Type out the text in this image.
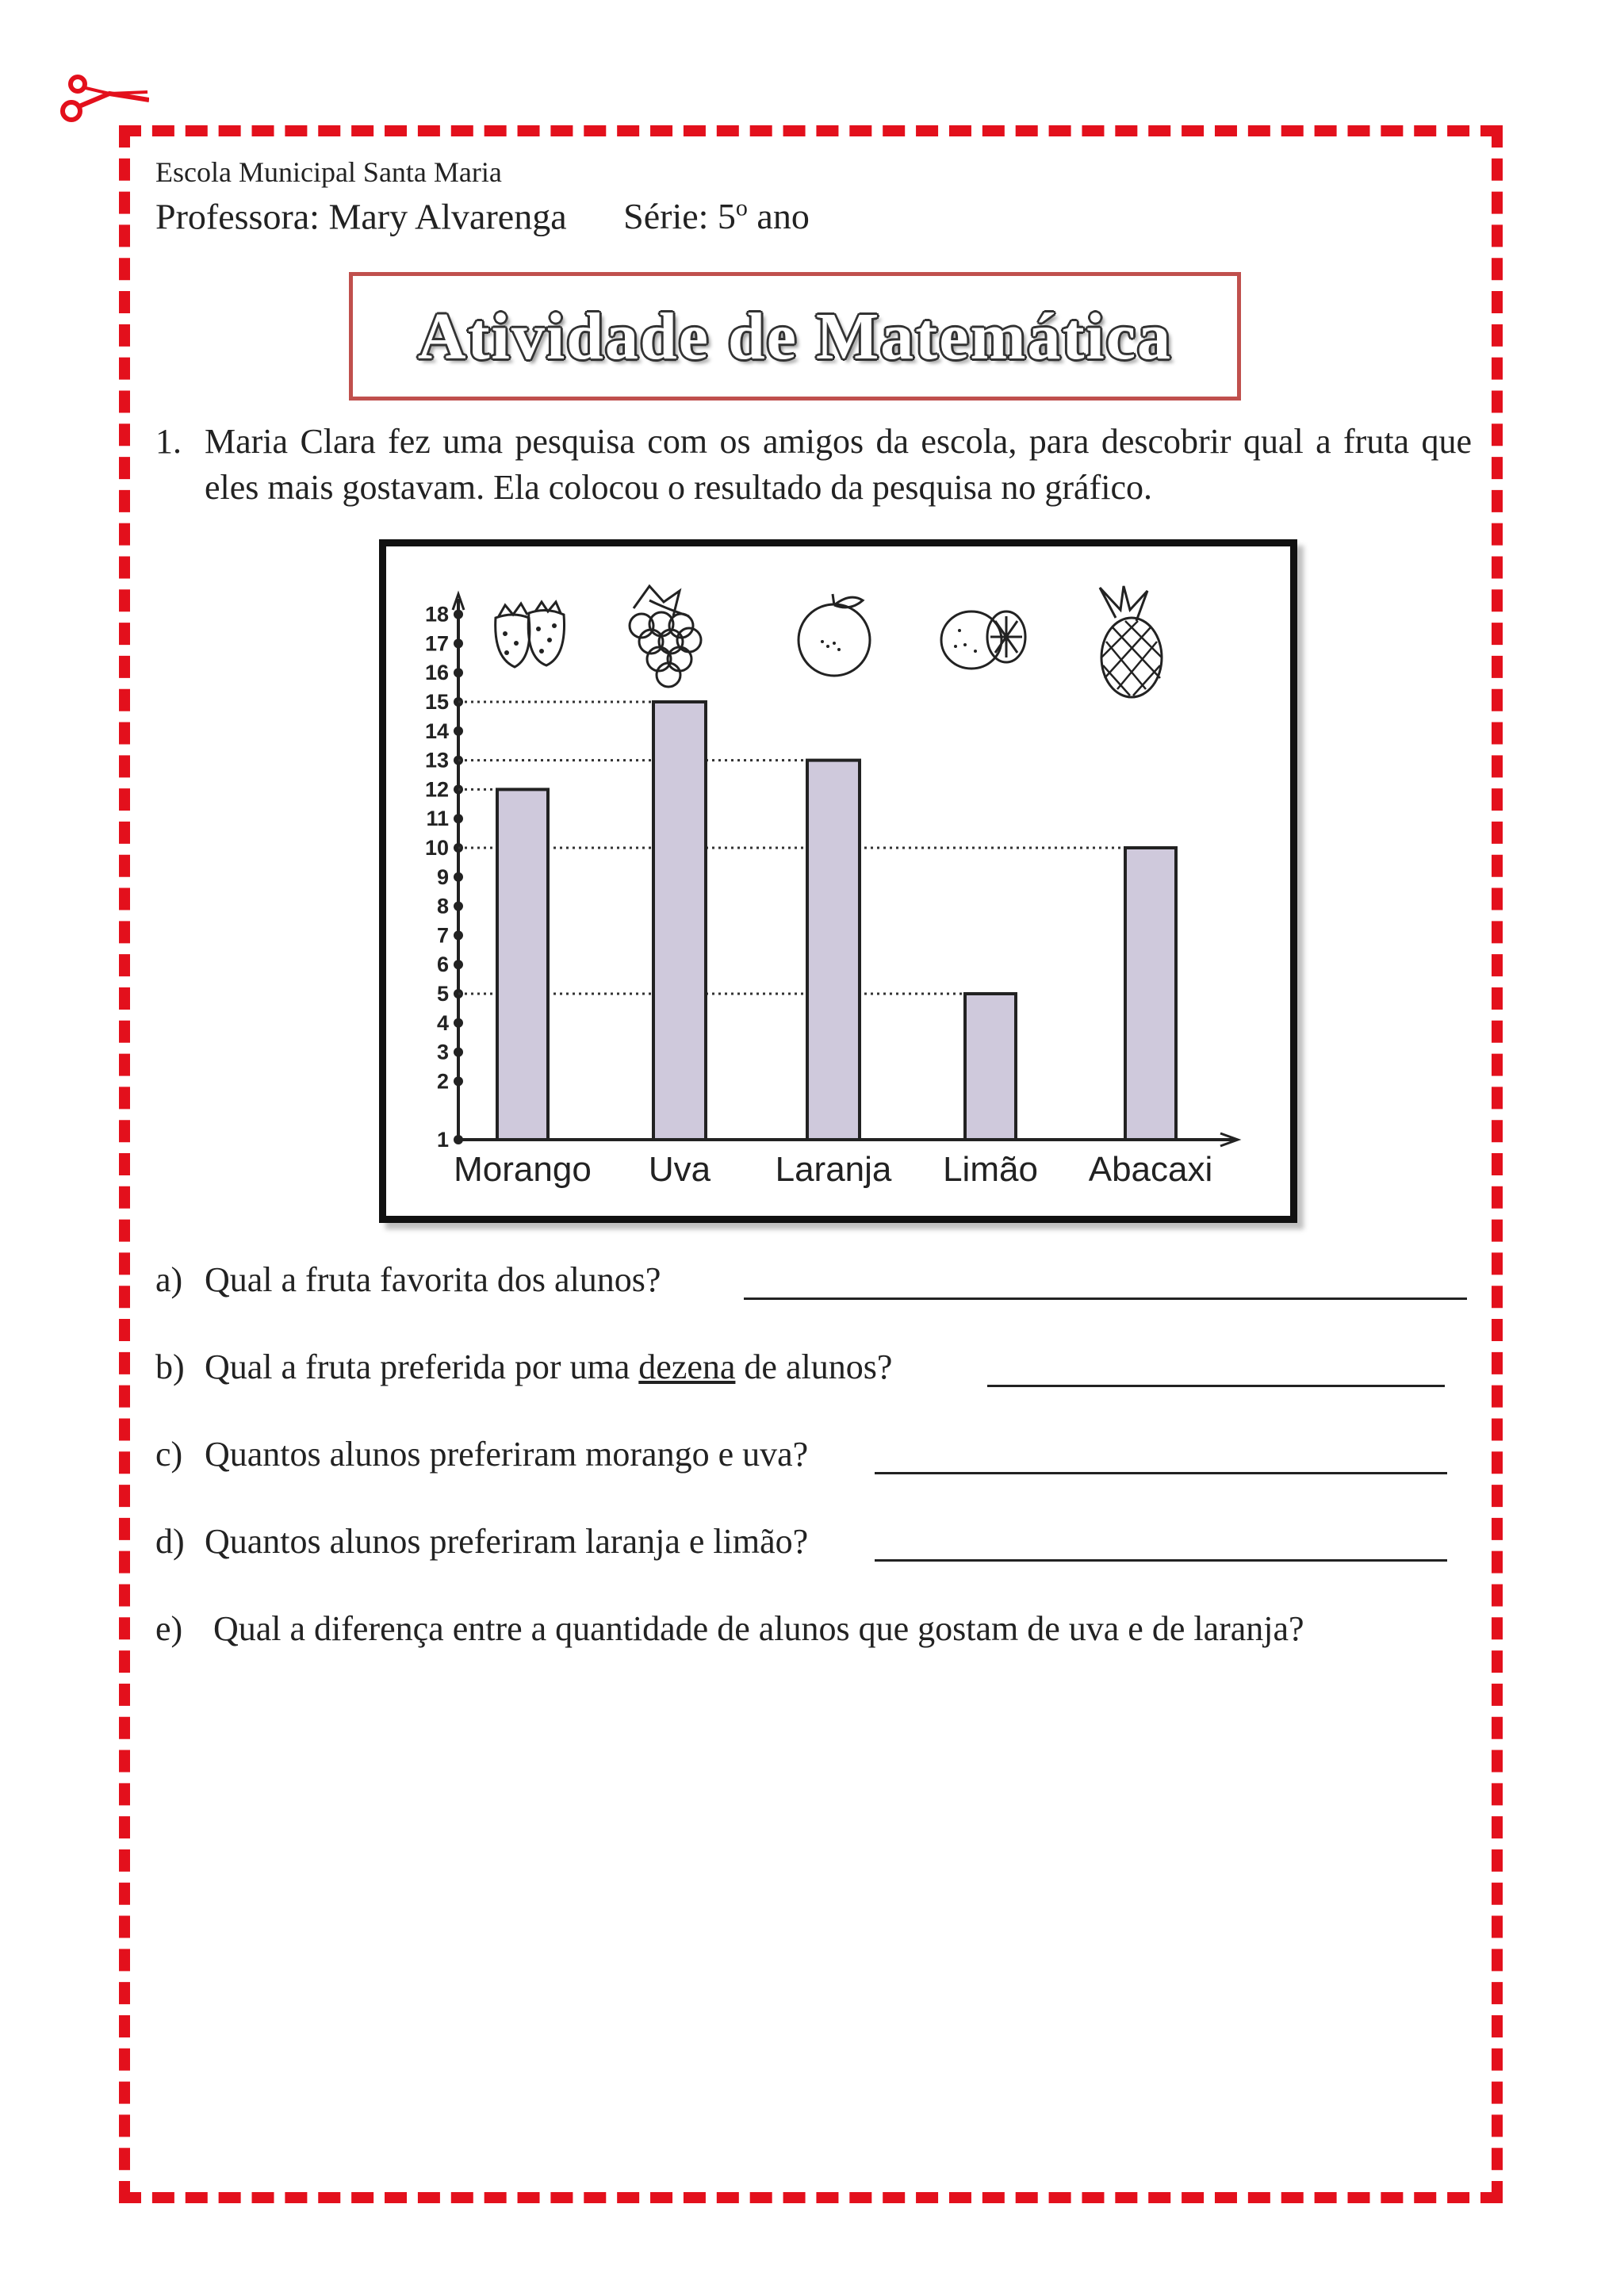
Escola Municipal Santa Maria
Professora: Mary Alvarenga Série: 5$^o$ ano
Atividade de Matemática
1. Maria Clara fez uma pesquisa com os amigos da escola, para descobrir qual a fruta que eles mais gostavam. Ela colocou o resultado da pesquisa no gráfico.
1
2
3
4
5
6
7
8
9
10
11
12
13
14
15
16
17
18
Morango Uva Laranja Limão Abacaxi
a) Qual a fruta favorita dos alunos?
b) Qual a fruta preferida por uma dezena de alunos?
c) Quantos alunos preferiram morango e uva?
d) Quantos alunos preferiram laranja e limão?
e) Qual a diferença entre a quantidade de alunos que gostam de uva e de laranja?
